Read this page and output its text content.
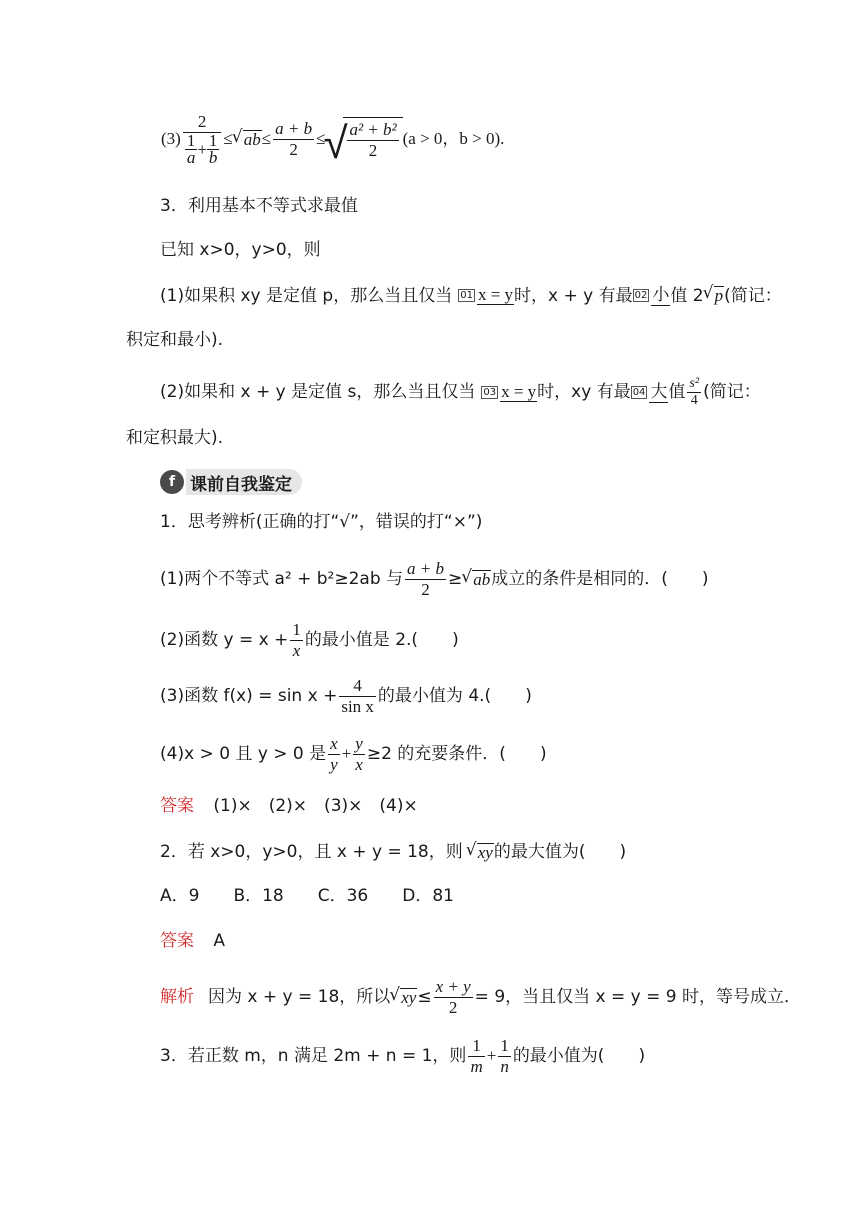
$(3) \frac{2}{\frac{1}{a} + \frac{1}{b}}$ ≤ √ ab ≤ $\frac{a + b}{2}$ ≤
√ $\frac{\text{a² + b²}}{2} (a > 0$，b > 0).
3．利用基本不等式求最值
已知 x>0，y>0，则
(1)如果积 xy 是定值 p，那么当且仅当 01 x = y 时，x + y 有最 02 小 值 2 √ p (简记：
积定和最小).
(2)如果和 x + y 是定值 s，那么当且仅当 03 x = y 时，xy 有最 04 大 值 $\frac{\text{s²}}{4}$ (简记：
和定积最大).
f 课前自我鉴定
1．思考辨析(正确的打“√”，错误的打“×”)
(1)两个不等式 a² + b²≥2ab 与 $\frac{a + b}{2}$ ≥ √ ab 成立的条件是相同的．( )
(2)函数 $y = x + \frac{1}{x}$ 的最小值是 2.( )
(3)函数 $f(x) = \sin x + \frac{4}{\text{sin x}}$ 的最小值为 4.( )
(4)x > 0 且 y > 0 是 $\frac{x}{y} + \frac{y}{x} \ge 2$ 的充要条件．( )
答案 (1)×　(2)×　(3)×　(4)×
2．若 x>0，y>0，且 x + y = 18，则 √ xy 的最大值为( )
A．9　　B．18　　C．36　　D．81
答案 A
解析 因为 x + y = 18，所以 √ xy ≤ $\frac{x + y}{2} = 9$，当且仅当 x = y = 9 时，等号成立．
3．若正数 m，n 满足 2m + n = 1，则 $\frac{1}{m} + \frac{1}{n}$ 的最小值为( )
